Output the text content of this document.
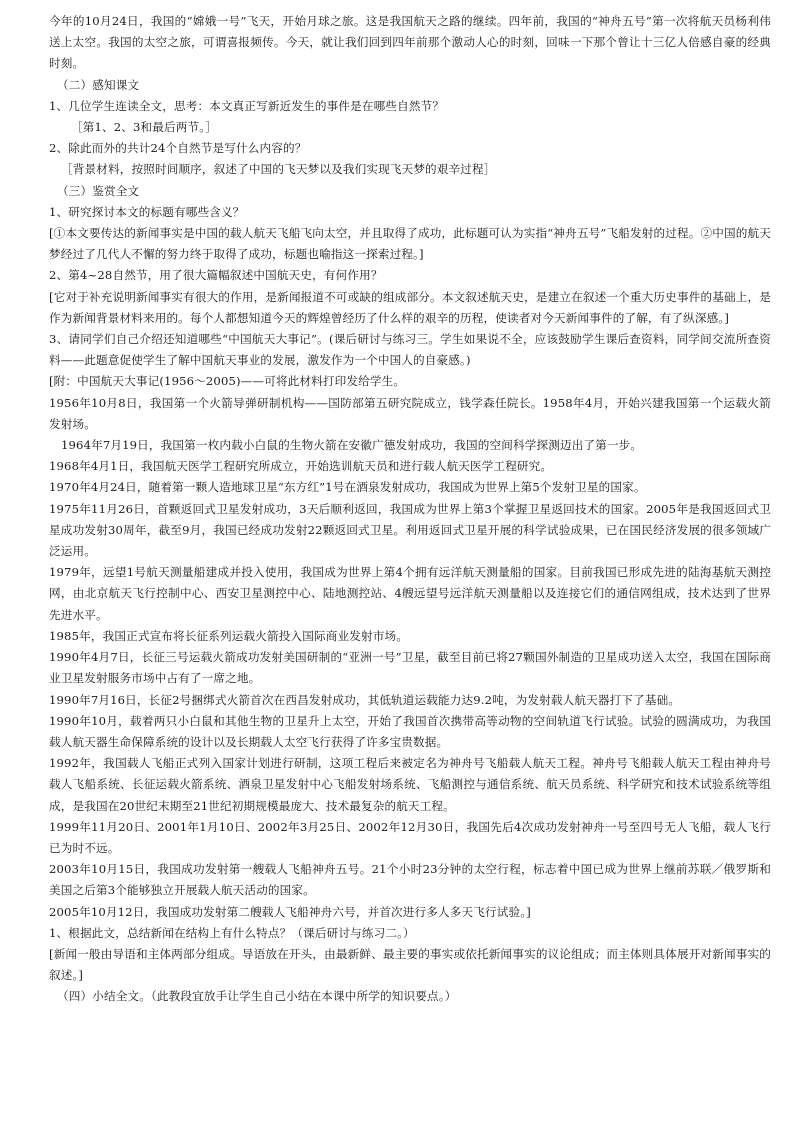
今年的10月24日，我国的“嫦娥一号”飞天，开始月球之旅。这是我国航天之路的继续。四年前，我国的“神舟五号”第一次将航天员杨利伟送上太空。我国的太空之旅，可谓喜报频传。今天，就让我们回到四年前那个激动人心的时刻，回味一下那个曾让十三亿人倍感自豪的经典时刻。

（二）感知课文

1、几位学生连读全文，思考：本文真正写新近发生的事件是在哪些自然节？

［第1、2、3和最后两节。］

2、除此而外的共计24个自然节是写什么内容的？

［背景材料，按照时间顺序，叙述了中国的飞天梦以及我们实现飞天梦的艰辛过程］

（三）鉴赏全文

1、研究探讨本文的标题有哪些含义？

[①本文要传达的新闻事实是中国的载人航天飞船飞向太空，并且取得了成功，此标题可认为实指“神舟五号”飞船发射的过程。②中国的航天梦经过了几代人不懈的努力终于取得了成功，标题也喻指这一探索过程。]

2、第4~28自然节，用了很大篇幅叙述中国航天史，有何作用？

[它对于补充说明新闻事实有很大的作用，是新闻报道不可或缺的组成部分。本文叙述航天史，是建立在叙述一个重大历史事件的基础上，是作为新闻背景材料来用的。每个人都想知道今天的辉煌曾经历了什么样的艰辛的历程，使读者对今天新闻事件的了解，有了纵深感。]

3、请同学们自己介绍还知道哪些“中国航天大事记”。(课后研讨与练习三。学生如果说不全，应该鼓励学生课后查资料，同学间交流所查资料——此题意促使学生了解中国航天事业的发展，激发作为一个中国人的自豪感。)

[附：中国航天大事记(1956～2005)——可将此材料打印发给学生。

1956年10月8日，我国第一个火箭导弹研制机构——国防部第五研究院成立，钱学森任院长。1958年4月，开始兴建我国第一个运载火箭发射场。

1964年7月19日，我国第一枚内载小白鼠的生物火箭在安徽广德发射成功，我国的空间科学探测迈出了第一步。

1968年4月1日，我国航天医学工程研究所成立，开始选训航天员和进行载人航天医学工程研究。

1970年4月24日，随着第一颗人造地球卫星“东方红”1号在酒泉发射成功，我国成为世界上第5个发射卫星的国家。

1975年11月26日，首颗返回式卫星发射成功，3天后顺利返回，我国成为世界上第3个掌握卫星返回技术的国家。2005年是我国返回式卫星成功发射30周年，截至9月，我国已经成功发射22颗返回式卫星。利用返回式卫星开展的科学试验成果，已在国民经济发展的很多领域广泛运用。

1979年，远望1号航天测量船建成并投入使用，我国成为世界上第4个拥有远洋航天测量船的国家。目前我国已形成先进的陆海基航天测控网，由北京航天飞行控制中心、西安卫星测控中心、陆地测控站、4艘远望号远洋航天测量船以及连接它们的通信网组成，技术达到了世界先进水平。

1985年，我国正式宣布将长征系列运载火箭投入国际商业发射市场。

1990年4月7日，长征三号运载火箭成功发射美国研制的“亚洲一号”卫星，截至目前已将27颗国外制造的卫星成功送入太空，我国在国际商业卫星发射服务市场中占有了一席之地。

1990年7月16日，长征2号捆绑式火箭首次在西昌发射成功，其低轨道运载能力达9.2吨，为发射载人航天器打下了基础。

1990年10月，载着两只小白鼠和其他生物的卫星升上太空，开始了我国首次携带高等动物的空间轨道飞行试验。试验的圆满成功，为我国载人航天器生命保障系统的设计以及长期载人太空飞行获得了许多宝贵数据。

1992年，我国载人飞船正式列入国家计划进行研制，这项工程后来被定名为神舟号飞船载人航天工程。神舟号飞船载人航天工程由神舟号载人飞船系统、长征运载火箭系统、酒泉卫星发射中心飞船发射场系统、飞船测控与通信系统、航天员系统、科学研究和技术试验系统等组成，是我国在20世纪末期至21世纪初期规模最庞大、技术最复杂的航天工程。

1999年11月20日、2001年1月10日、2002年3月25日、2002年12月30日，我国先后4次成功发射神舟一号至四号无人飞船，载人飞行已为时不远。

2003年10月15日，我国成功发射第一艘载人飞船神舟五号。21个小时23分钟的太空行程，标志着中国已成为世界上继前苏联／俄罗斯和美国之后第3个能够独立开展载人航天活动的国家。

2005年10月12日，我国成功发射第二艘载人飞船神舟六号，并首次进行多人多天飞行试验。]

1、根据此文，总结新闻在结构上有什么特点？（课后研讨与练习二。）

[新闻一般由导语和主体两部分组成。导语放在开头，由最新鲜、最主要的事实或依托新闻事实的议论组成；而主体则具体展开对新闻事实的叙述。]

（四）小结全文。（此教段宜放手让学生自己小结在本课中所学的知识要点。）
